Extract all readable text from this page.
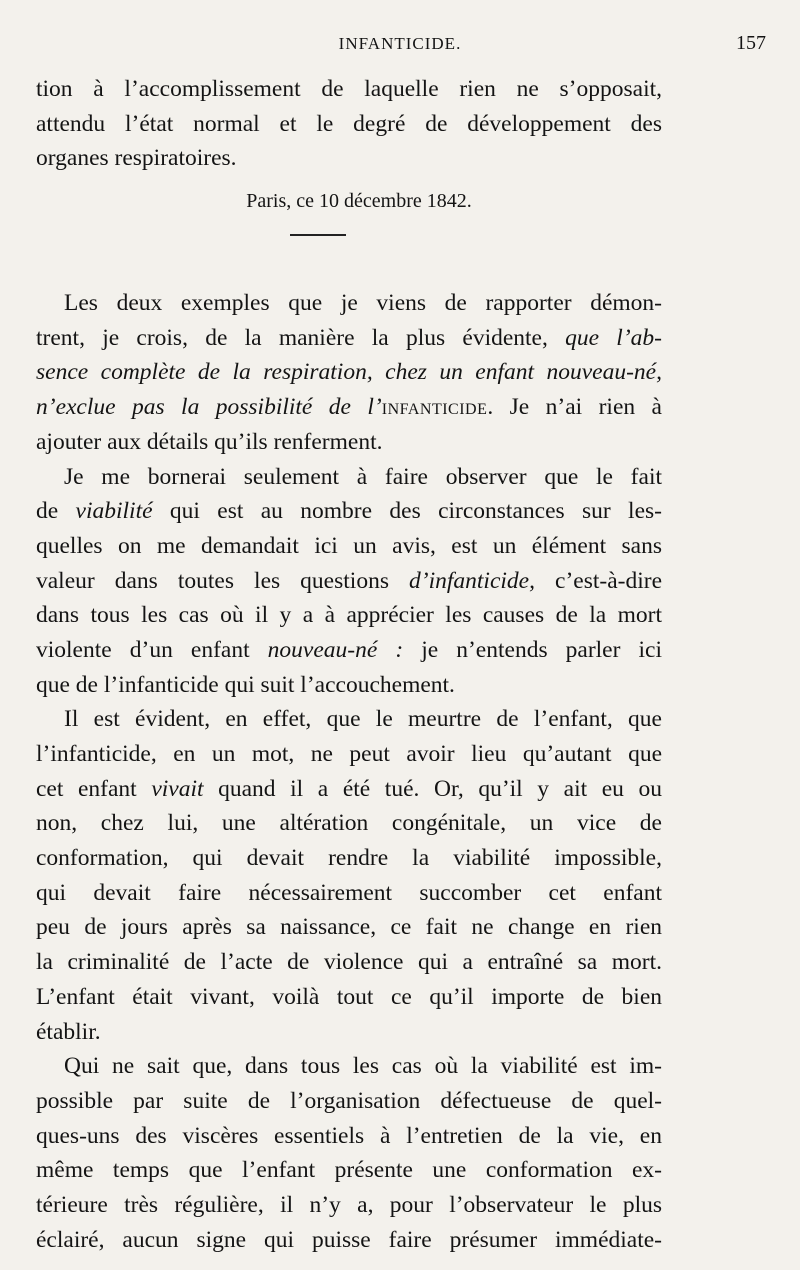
INFANTICIDE.	157
tion à l’accomplissement de laquelle rien ne s’opposait,
attendu l’état normal et le degré de développement des
organes respiratoires.
Paris, ce 10 décembre 1842.
Les deux exemples que je viens de rapporter démon-
trent, je crois, de la manière la plus évidente, que l’ab-
sence complète de la respiration, chez un enfant nouveau-né,
n’exclue pas la possibilité de l’infanticide. Je n’ai rien à
ajouter aux détails qu’ils renferment.
Je me bornerai seulement à faire observer que le fait
de viabilité qui est au nombre des circonstances sur les-
quelles on me demandait ici un avis, est un élément sans
valeur dans toutes les questions d’infanticide, c’est-à-dire
dans tous les cas où il y a à apprécier les causes de la mort
violente d’un enfant nouveau-né : je n’entends parler ici
que de l’infanticide qui suit l’accouchement.
Il est évident, en effet, que le meurtre de l’enfant, que
l’infanticide, en un mot, ne peut avoir lieu qu’autant que
cet enfant vivait quand il a été tué. Or, qu’il y ait eu ou
non, chez lui, une altération congénitale, un vice de
conformation, qui devait rendre la viabilité impossible,
qui devait faire nécessairement succomber cet enfant
peu de jours après sa naissance, ce fait ne change en rien
la criminalité de l’acte de violence qui a entraîné sa mort.
L’enfant était vivant, voilà tout ce qu’il importe de bien
établir.
Qui ne sait que, dans tous les cas où la viabilité est im-
possible par suite de l’organisation défectueuse de quel-
ques-uns des viscères essentiels à l’entretien de la vie, en
même temps que l’enfant présente une conformation ex-
térieure très régulière, il n’y a, pour l’observateur le plus
éclairé, aucun signe qui puisse faire présumer immédiate-
